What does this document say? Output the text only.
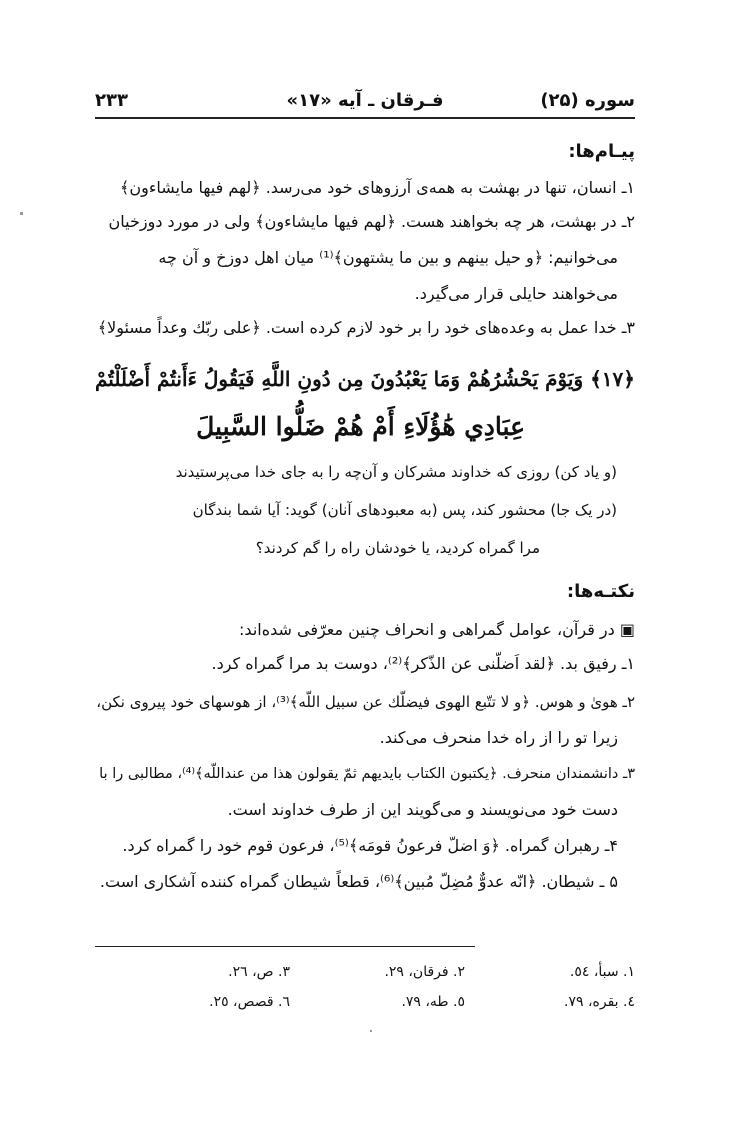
سوره (۲۵)
فـرقان ـ آیه «۱۷»
۲۳۳
پیـام‌ها:
۱ـ انسان، تنها در بهشت به همه‌ی آرزوهای خود می‌رسد. ﴿لهم فیها مایشاءون﴾
۲ـ در بهشت، هر چه بخواهند هست. ﴿لهم فیها مایشاءون﴾ ولی در مورد دوزخیان
می‌خوانیم: ﴿و حیل بینهم و بین ما یشتهون﴾⁽¹⁾ میان اهل دوزخ و آن چه
می‌خواهند حایلی قرار می‌گیرد.
۳ـ خدا عمل به وعده‌های خود را بر خود لازم کرده است. ﴿علی ربّك وعداً مسئولا﴾
﴿۱۷﴾ وَيَوْمَ يَحْشُرُهُمْ وَمَا يَعْبُدُونَ مِن دُونِ اللَّهِ فَيَقُولُ ءَأَنتُمْ أَضْلَلْتُمْ
عِبَادِي هَٰؤُلَاءِ أَمْ هُمْ ضَلُّوا السَّبِيلَ
(و یاد کن) روزی که خداوند مشرکان و آن‌چه را به جای خدا می‌پرستیدند
(در یک جا) محشور کند، پس (به معبودهای آنان) گوید: آیا شما بندگان
مرا گمراه کردید، یا خودشان راه را گم کردند؟
نکتـه‌ها:
▣ در قرآن، عوامل گمراهی و انحراف چنین معرّفی شده‌اند:
۱ـ رفیق بد. ﴿لقد اَضلّنی عن الذّکر﴾⁽²⁾، دوست بد مرا گمراه کرد.
۲ـ هویٰ و هوس. ﴿و لا تتّبع الهوی فیضلّك عن سبیل اللّه﴾⁽³⁾، از هوسهای خود پیروی نکن،
زیرا تو را از راه خدا منحرف می‌کند.
۳ـ دانشمندان منحرف. ﴿یکتبون الکتاب بایدیهم ثمّ یقولون هذا من عنداللّه﴾⁽⁴⁾، مطالبی را با
دست خود می‌نویسند و می‌گویند این از طرف خداوند است.
۴ـ رهبران گمراه. ﴿وَ اضلّ فرعونُ قومَه﴾⁽⁵⁾، فرعون قوم خود را گمراه کرد.
۵ ـ شیطان. ﴿انّه عدوٌّ مُضِلّ مُبین﴾⁽⁶⁾، قطعاً شیطان گمراه کننده آشکاری است.
۱. سبأ، ٥٤.
۲. فرقان، ۲۹.
۳. ص، ۲٦.
٤. بقره، ۷۹.
٥. طه، ۷۹.
٦. قصص، ۲٥.
